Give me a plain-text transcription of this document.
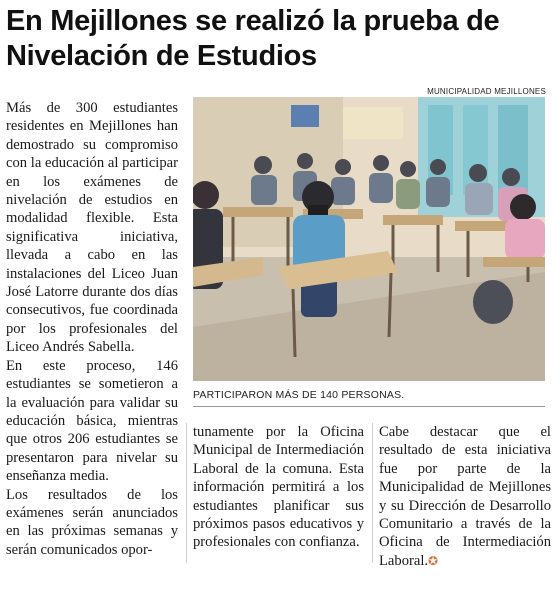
En Mejillones se realizó la prueba de Nivelación de Estudios

Más de 300 estudiantes residentes en Mejillones han demostrado su compromiso con la educación al participar en los exámenes de nivelación de estudios en modalidad flexible. Esta significativa iniciativa, llevada a cabo en las instalaciones del Liceo Juan José Latorre durante dos días consecutivos, fue coordinada por los profesionales del Liceo Andrés Sabella.

En este proceso, 146 estudiantes se sometieron a la evaluación para validar su educación básica, mientras que otros 206 estudiantes se presentaron para nivelar su enseñanza media.

Los resultados de los exámenes serán anunciados en las próximas semanas y serán comunicados opor-

MUNICIPALIDAD MEJILLONES
PARTICIPARON MÁS DE 140 PERSONAS.

tunamente por la Oficina Municipal de Intermediación Laboral de la comuna. Esta información permitirá a los estudiantes planificar sus próximos pasos educativos y profesionales con confianza.

Cabe destacar que el resultado de esta iniciativa fue por parte de la Municipalidad de Mejillones y su Dirección de Desarrollo Comunitario a través de la Oficina de Intermediación Laboral.✪
